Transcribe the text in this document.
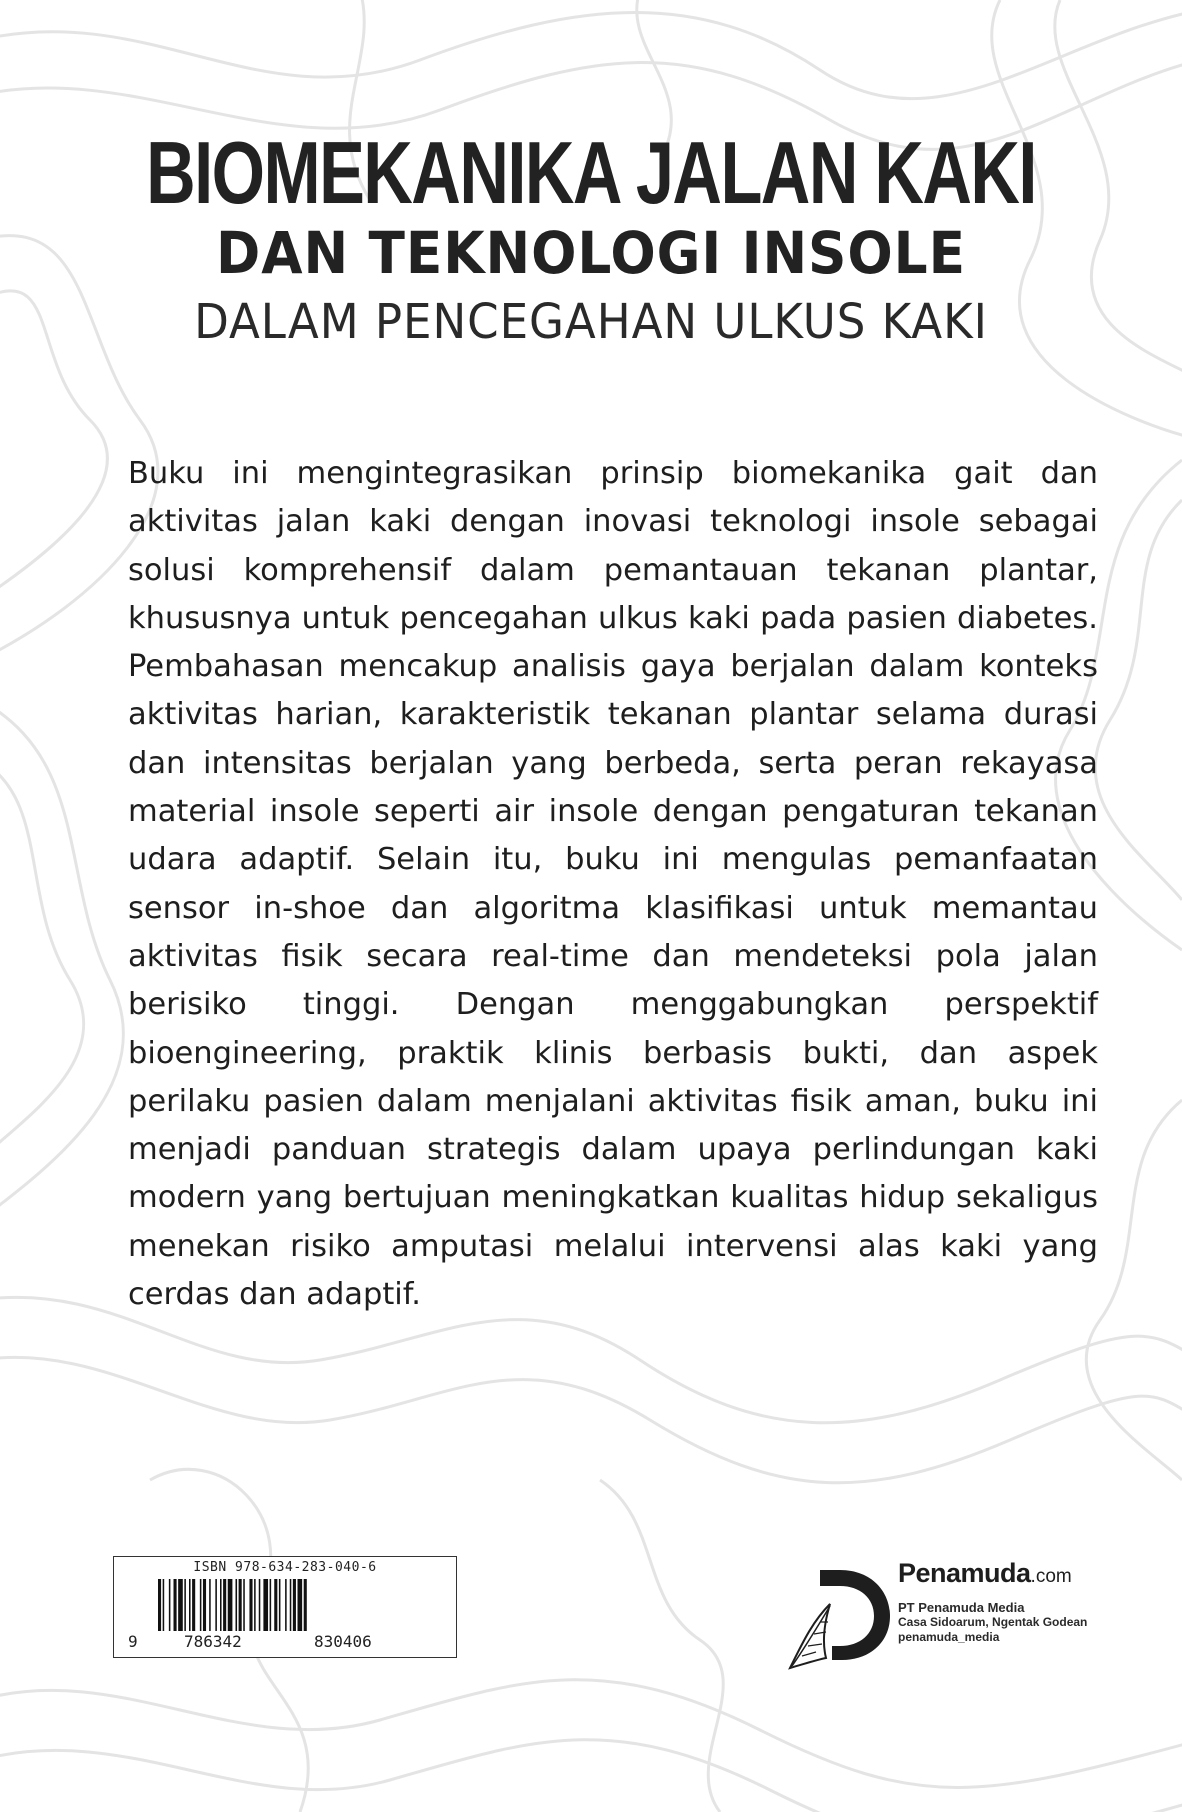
BIOMEKANIKA JALAN KAKI
DAN TEKNOLOGI INSOLE
DALAM PENCEGAHAN ULKUS KAKI

Buku ini mengintegrasikan prinsip biomekanika gait dan aktivitas jalan kaki dengan inovasi teknologi insole sebagai solusi komprehensif dalam pemantauan tekanan plantar, khususnya untuk pencegahan ulkus kaki pada pasien diabetes. Pembahasan mencakup analisis gaya berjalan dalam konteks aktivitas harian, karakteristik tekanan plantar selama durasi dan intensitas berjalan yang berbeda, serta peran rekayasa material insole seperti air insole dengan pengaturan tekanan udara adaptif. Selain itu, buku ini mengulas pemanfaatan sensor in-shoe dan algoritma klasifikasi untuk memantau aktivitas fisik secara real-time dan mendeteksi pola jalan berisiko tinggi. Dengan menggabungkan perspektif bioengineering, praktik klinis berbasis bukti, dan aspek perilaku pasien dalam menjalani aktivitas fisik aman, buku ini menjadi panduan strategis dalam upaya perlindungan kaki modern yang bertujuan meningkatkan kualitas hidup sekaligus menekan risiko amputasi melalui intervensi alas kaki yang cerdas dan adaptif.

ISBN 978-634-283-040-6
9	786342	830406
Penamuda.com
PT Penamuda Media
Casa Sidoarum, Ngentak Godean
penamuda_media
